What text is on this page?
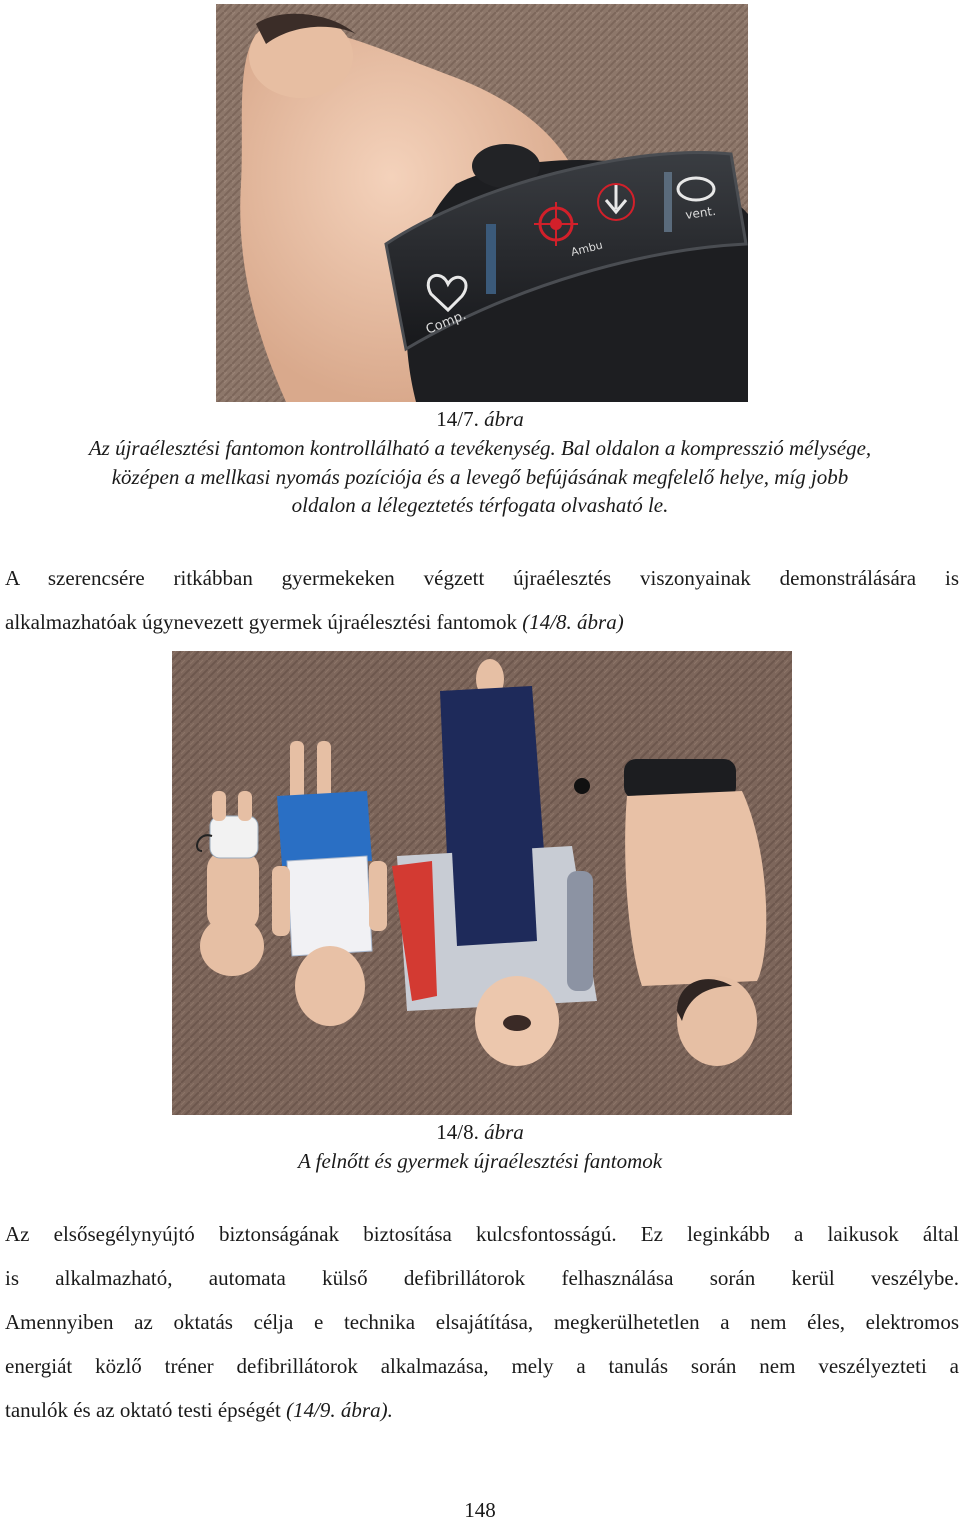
Comp.
Ambu
vent.
14/7. ábra
Az újraélesztési fantomon kontrollálható a tevékenység. Bal oldalon a kompresszió mélysége,
középen a mellkasi nyomás pozíciója és a levegő befújásának megfelelő helye, míg jobb
oldalon a lélegeztetés térfogata olvasható le.
A szerencsére ritkábban gyermekeken végzett újraélesztés viszonyainak demonstrálására is
alkalmazhatóak úgynevezett gyermek újraélesztési fantomok (14/8. ábra)
14/8. ábra
A felnőtt és gyermek újraélesztési fantomok
Az elsősegélynyújtó biztonságának biztosítása kulcsfontosságú. Ez leginkább a laikusok által
is alkalmazható, automata külső defibrillátorok felhasználása során kerül veszélybe.
Amennyiben az oktatás célja e technika elsajátítása, megkerülhetetlen a nem éles, elektromos
energiát közlő tréner defibrillátorok alkalmazása, mely a tanulás során nem veszélyezteti a
tanulók és az oktató testi épségét (14/9. ábra).
148
